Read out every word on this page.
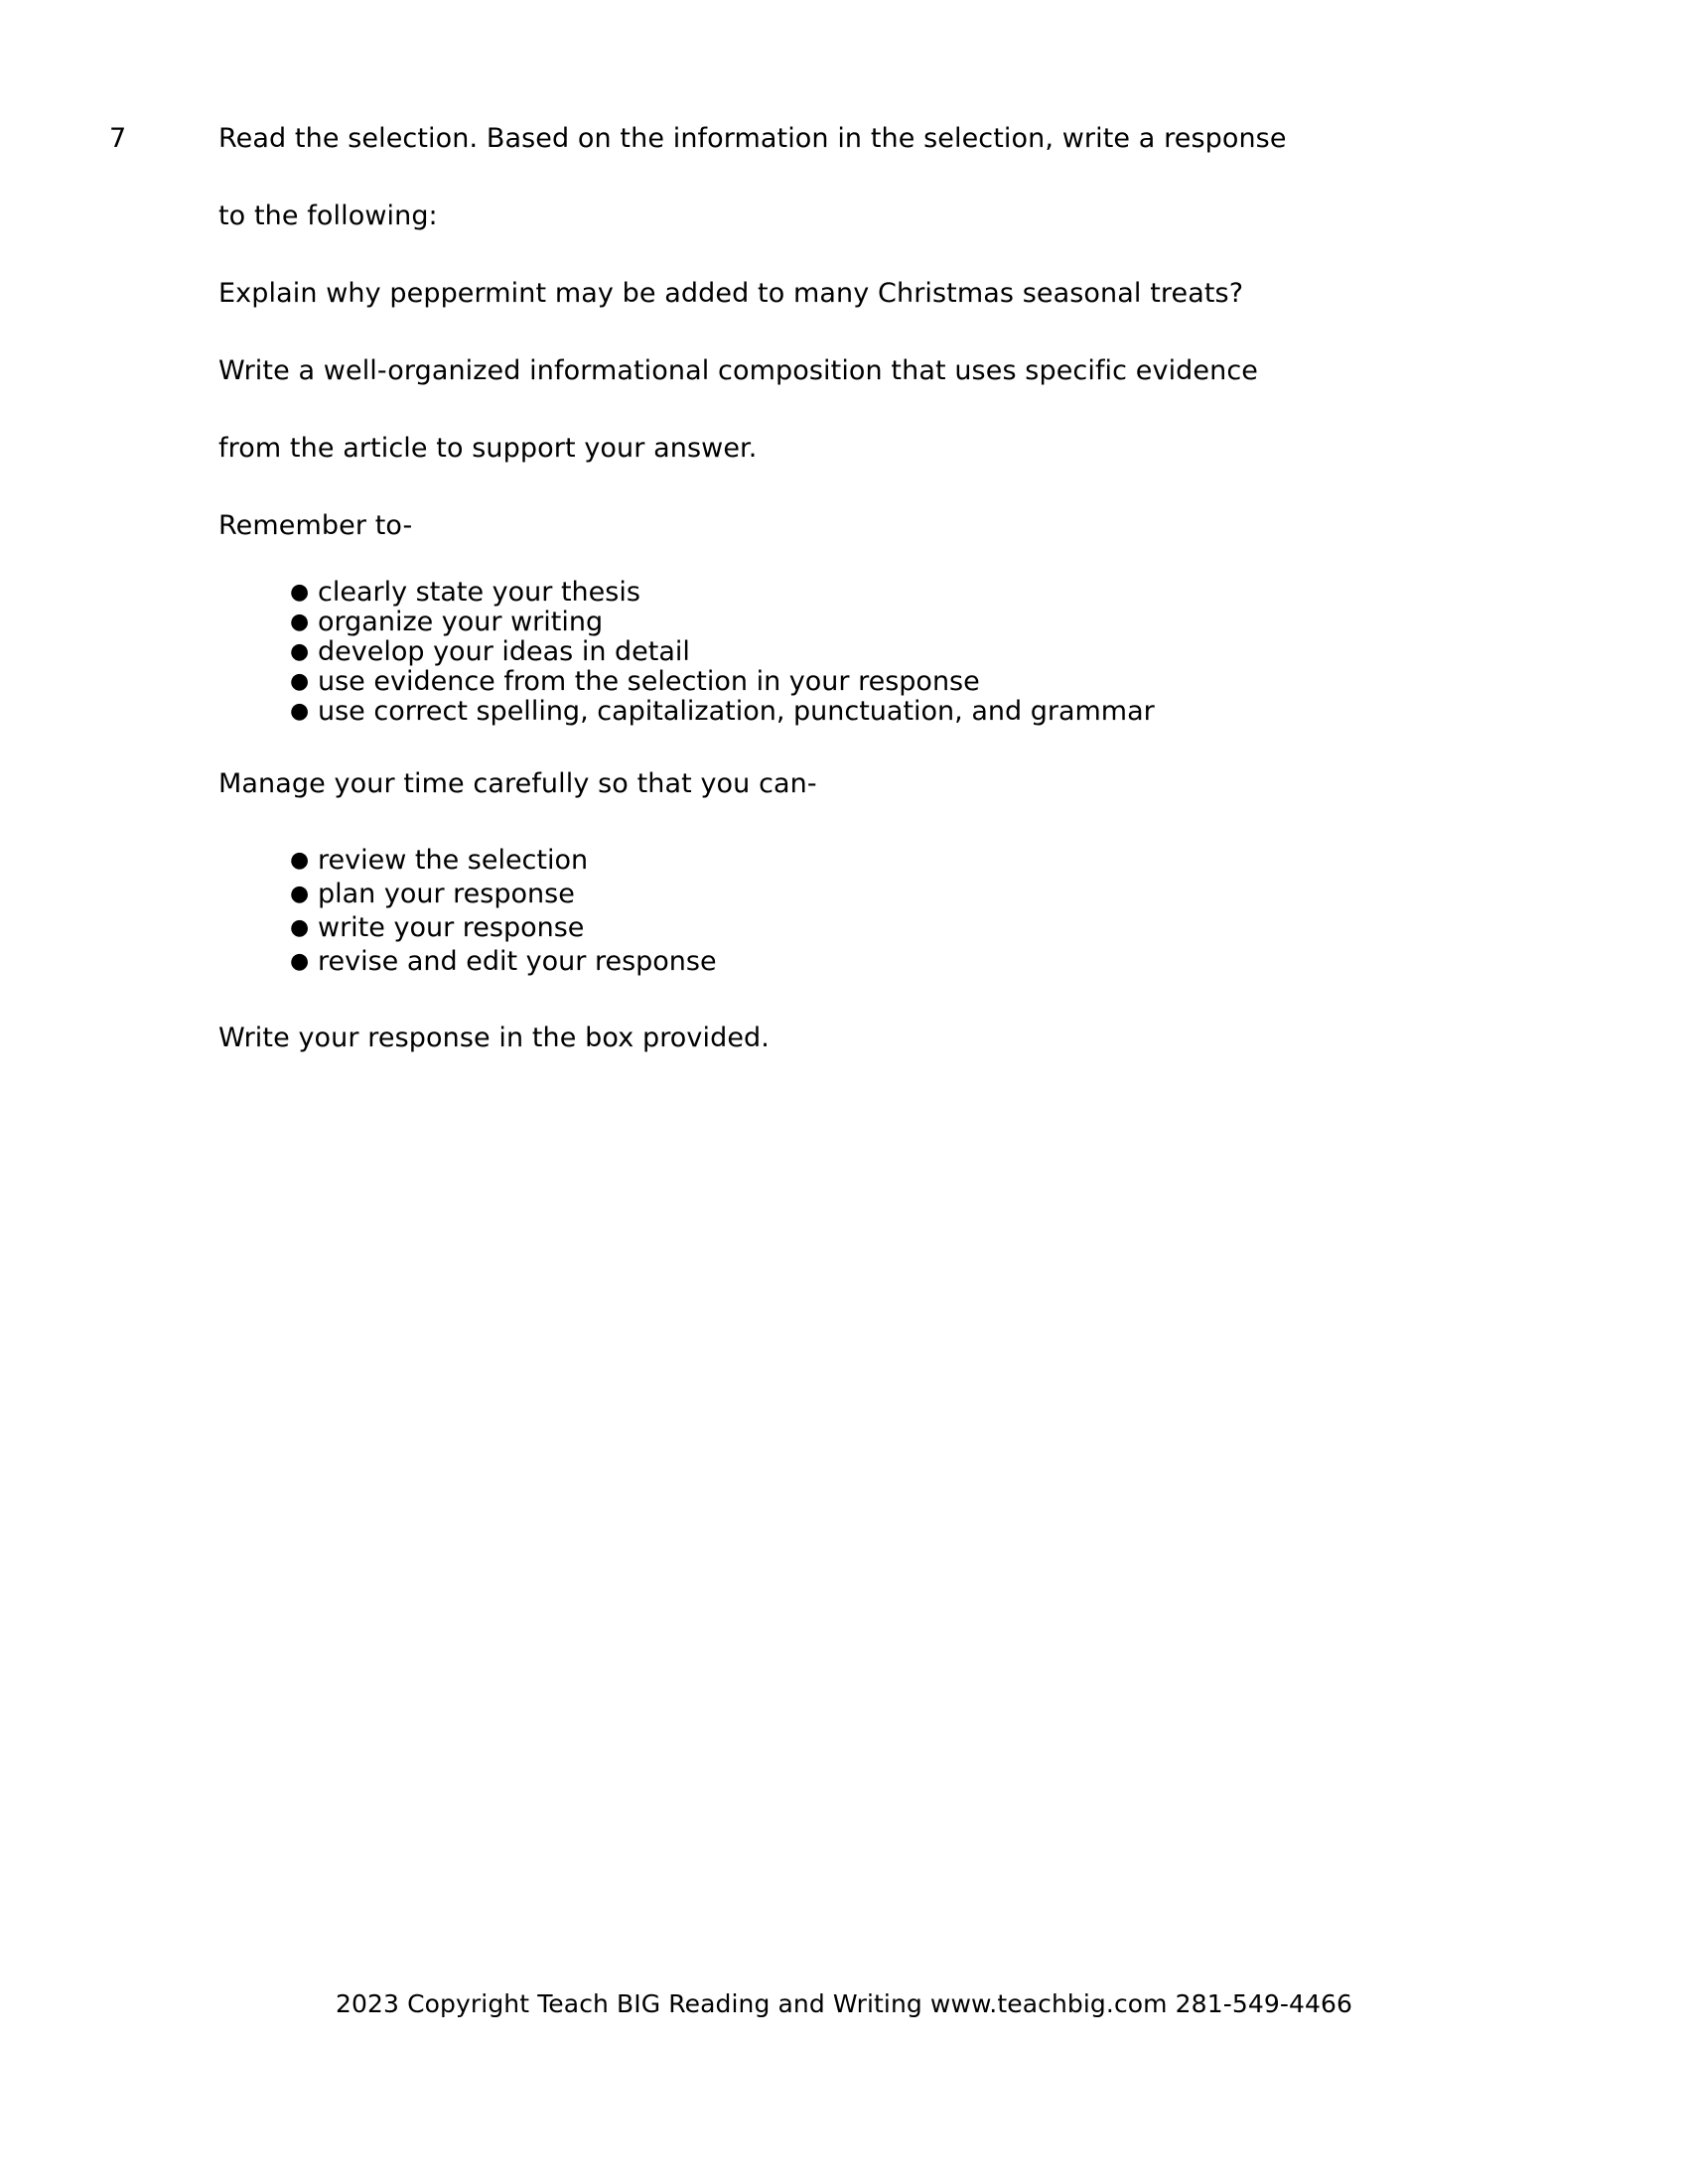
7	Read the selection. Based on the information in the selection, write a response

to the following:

Explain why peppermint may be added to many Christmas seasonal treats?

Write a well-organized informational composition that uses specific evidence

from the article to support your answer.

Remember to-

● clearly state your thesis
● organize your writing
● develop your ideas in detail
● use evidence from the selection in your response
● use correct spelling, capitalization, punctuation, and grammar

Manage your time carefully so that you can-

● review the selection
● plan your response
● write your response
● revise and edit your response

Write your response in the box provided.

2023 Copyright Teach BIG Reading and Writing www.teachbig.com 281-549-4466
